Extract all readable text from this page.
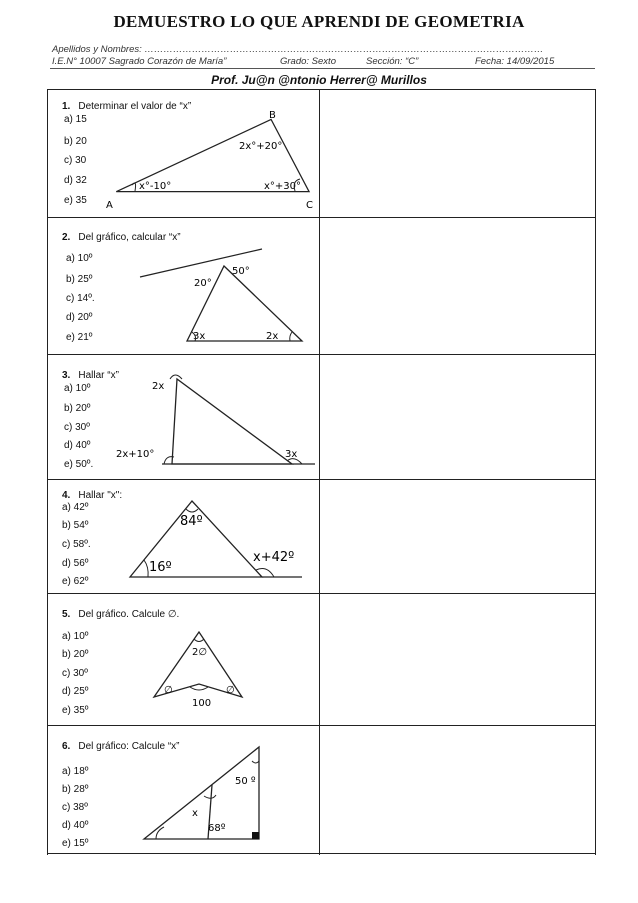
DEMUESTRO LO QUE APRENDI DE GEOMETRIA
Apellidos y Nombres: ………………………………………………………………………………………………………………
I.E.N° 10007 Sagrado Corazón de María”	Grado: Sexto	Sección: “C”	Fecha: 14/09/2015
Prof. Ju@n @ntonio Herrer@ Murillos
1. Determinar el valor de “x”
a) 15
b) 20
c) 30
d) 32
e) 35
B
A	C
2x°+20°
x°-10°	x°+30°
2. Del gráfico, calcular “x”
a) 10º
b) 25º
c) 14º.
d) 20º
e) 21º
20°
50°
3x	2x
3. Hallar “x”
a) 10º
b) 20º
c) 30º
d) 40º
e) 50º.
2x
2x+10°	3x
4. Hallar "x":
a) 42º
b) 54º
c) 58º.
d) 56º
e) 62º
84º
16º
x+42º
5. Del gráfico. Calcule ∅.
a) 10º
b) 20º
c) 30º
d) 25º
e) 35º
2∅
∅	∅
100
6. Del gráfico: Calcule “x”
a) 18º
b) 28º
c) 38º
d) 40º
e) 15º
50 º
x
68º
